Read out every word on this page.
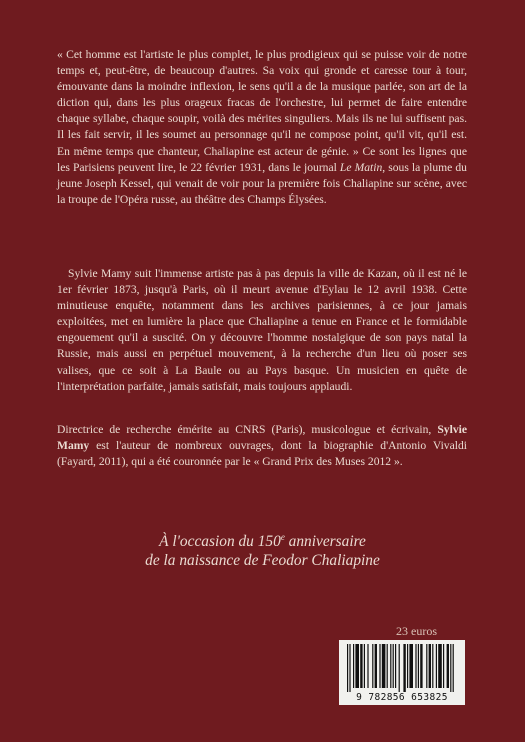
« Cet homme est l'artiste le plus complet, le plus prodigieux qui se puisse voir de notre temps et, peut-être, de beaucoup d'autres. Sa voix qui gronde et caresse tour à tour, émouvante dans la moindre inflexion, le sens qu'il a de la musique parlée, son art de la diction qui, dans les plus orageux fracas de l'orchestre, lui permet de faire entendre chaque syllabe, chaque soupir, voilà des mérites singuliers. Mais ils ne lui suffisent pas. Il les fait servir, il les soumet au personnage qu'il ne compose point, qu'il vit, qu'il est. En même temps que chanteur, Chaliapine est acteur de génie. » Ce sont les lignes que les Parisiens peuvent lire, le 22 février 1931, dans le journal Le Matin, sous la plume du jeune Joseph Kessel, qui venait de voir pour la première fois Chaliapine sur scène, avec la troupe de l'Opéra russe, au théâtre des Champs Élysées.

Sylvie Mamy suit l'immense artiste pas à pas depuis la ville de Kazan, où il est né le 1er février 1873, jusqu'à Paris, où il meurt avenue d'Eylau le 12 avril 1938. Cette minutieuse enquête, notamment dans les archives parisiennes, à ce jour jamais exploitées, met en lumière la place que Chaliapine a tenue en France et le formidable engouement qu'il a suscité. On y découvre l'homme nostalgique de son pays natal la Russie, mais aussi en perpétuel mouvement, à la recherche d'un lieu où poser ses valises, que ce soit à La Baule ou au Pays basque. Un musicien en quête de l'interprétation parfaite, jamais satisfait, mais toujours applaudi.

Directrice de recherche émérite au CNRS (Paris), musicologue et écrivain, Sylvie Mamy est l'auteur de nombreux ouvrages, dont la biographie d'Antonio Vivaldi (Fayard, 2011), qui a été couronnée par le « Grand Prix des Muses 2012 ».

À l'occasion du 150e anniversaire
de la naissance de Feodor Chaliapine
23 euros
9 782856 653825
